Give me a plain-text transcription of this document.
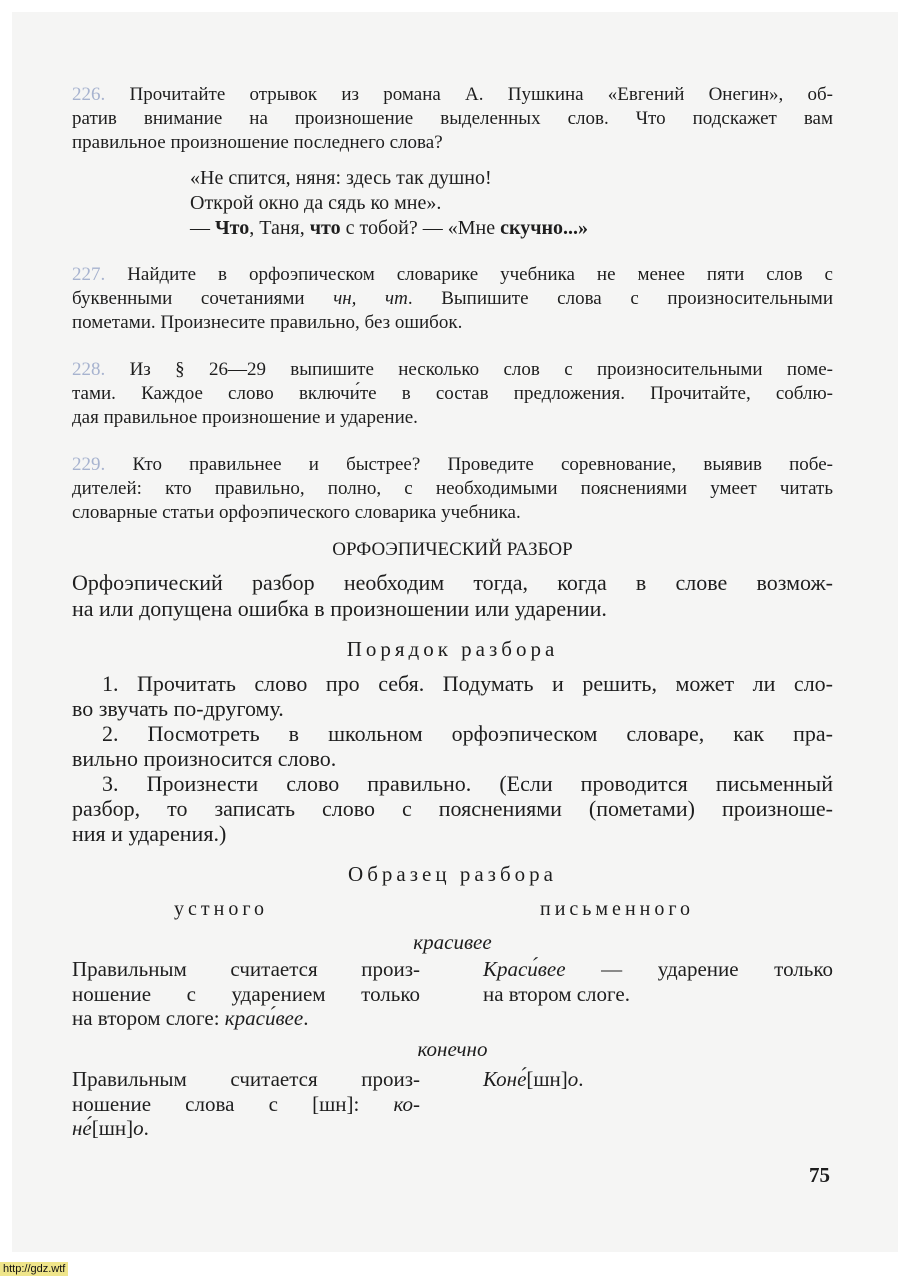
226. Прочитайте отрывок из романа А. Пушкина «Евгений Онегин», об-
ратив внимание на произношение выделенных слов. Что подскажет вам
правильное произношение последнего слова?
«Не спится, няня: здесь так душно!
Открой окно да сядь ко мне».
— Что, Таня, что с тобой? — «Мне скучно...»
227. Найдите в орфоэпическом словарике учебника не менее пяти слов с
буквенными сочетаниями чн, чт. Выпишите слова с произносительными
пометами. Произнесите правильно, без ошибок.
228. Из § 26—29 выпишите несколько слов с произносительными поме-
тами. Каждое слово включи́те в состав предложения. Прочитайте, соблю-
дая правильное произношение и ударение.
229. Кто правильнее и быстрее? Проведите соревнование, выявив побе-
дителей: кто правильно, полно, с необходимыми пояснениями умеет читать
словарные статьи орфоэпического словарика учебника.
ОРФОЭПИЧЕСКИЙ РАЗБОР
Орфоэпический разбор необходим тогда, когда в слове возмож-
на или допущена ошибка в произношении или ударении.
Порядок разбора
1. Прочитать слово про себя. Подумать и решить, может ли сло-
во звучать по-другому.
2. Посмотреть в школьном орфоэпическом словаре, как пра-
вильно произносится слово.
3. Произнести слово правильно. (Если проводится письменный
разбор, то записать слово с пояснениями (пометами) произноше-
ния и ударения.)
Образец разбора
устного	письменного
красивее
Правильным считается произ-
ношение с ударением только
на втором слоге: краси́вее.
Краси́вее — ударение только
на втором слоге.
конечно
Правильным считается произ-
ношение слова с [шн]: ко-
не́[шн]о.
Коне́[шн]о.
75
http://gdz.wtf
